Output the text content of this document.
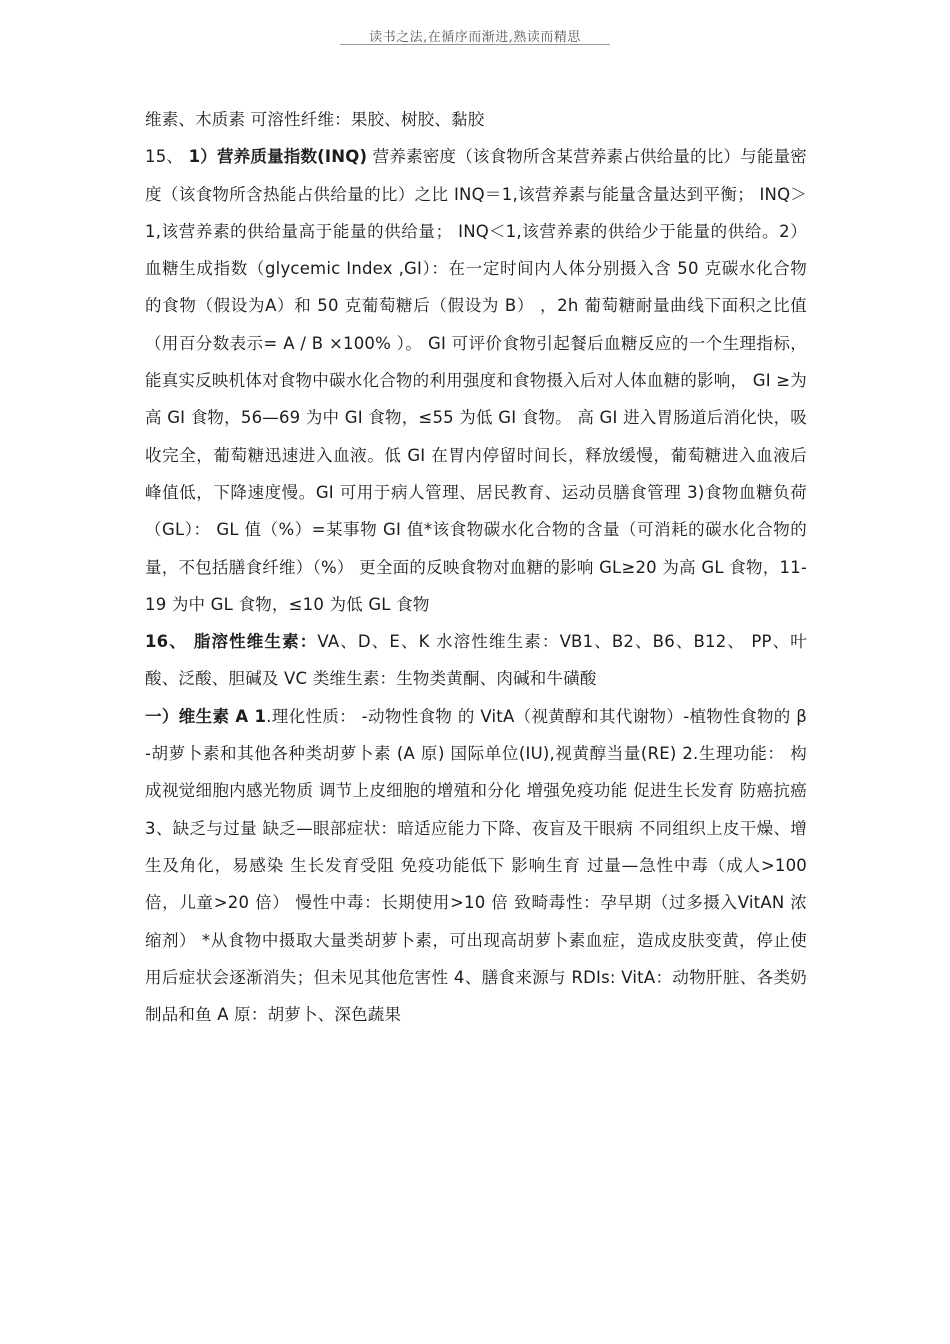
读书之法,在循序而渐进,熟读而精思

维素、木质素 可溶性纤维：果胶、树胶、黏胶

15、 1）营养质量指数(INQ) 营养素密度（该食物所含某营养素占供给量的比）与能量密度（该食物所含热能占供给量的比）之比 INQ＝1,该营养素与能量含量达到平衡； INQ＞1,该营养素的供给量高于能量的供给量； INQ＜1,该营养素的供给少于能量的供给。2）血糖生成指数（glycemic Index ,GI）：在一定时间内人体分别摄入含 50 克碳水化合物的食物（假设为A）和 50 克葡萄糖后（假设为 B） ，2h 葡萄糖耐量曲线下面积之比值（用百分数表示= A / B ×100% ）。 GI 可评价食物引起餐后血糖反应的一个生理指标，能真实反映机体对食物中碳水化合物的利用强度和食物摄入后对人体血糖的影响， GI ≥为高 GI 食物，56—69 为中 GI 食物，≤55 为低 GI 食物。 高 GI 进入胃肠道后消化快，吸收完全，葡萄糖迅速进入血液。低 GI 在胃内停留时间长，释放缓慢，葡萄糖进入血液后峰值低，下降速度慢。GI 可用于病人管理、居民教育、运动员膳食管理 3)食物血糖负荷（GL）： GL 值（%）=某事物 GI 值*该食物碳水化合物的含量（可消耗的碳水化合物的量，不包括膳食纤维）（%） 更全面的反映食物对血糖的影响 GL≥20 为高 GL 食物，11-19 为中 GL 食物，≤10 为低 GL 食物

16、 脂溶性维生素：VA、D、E、K 水溶性维生素：VB1、B2、B6、B12、 PP、叶酸、泛酸、胆碱及 VC 类维生素：生物类黄酮、肉碱和牛磺酸

一）维生素 A 1.理化性质： -动物性食物 的 VitA（视黄醇和其代谢物）-植物性食物的 β -胡萝卜素和其他各种类胡萝卜素 (A 原) 国际单位(IU),视黄醇当量(RE) 2.生理功能： 构成视觉细胞内感光物质 调节上皮细胞的增殖和分化 增强免疫功能 促进生长发育 防癌抗癌 3、缺乏与过量 缺乏—眼部症状：暗适应能力下降、夜盲及干眼病 不同组织上皮干燥、增生及角化，易感染 生长发育受阻 免疫功能低下 影响生育 过量—急性中毒（成人>100 倍，儿童>20 倍） 慢性中毒：长期使用>10 倍 致畸毒性：孕早期（过多摄入VitAN 浓缩剂） *从食物中摄取大量类胡萝卜素，可出现高胡萝卜素血症，造成皮肤变黄，停止使用后症状会逐渐消失；但未见其他危害性 4、膳食来源与 RDIs: VitA：动物肝脏、各类奶制品和鱼 A 原：胡萝卜、深色蔬果
